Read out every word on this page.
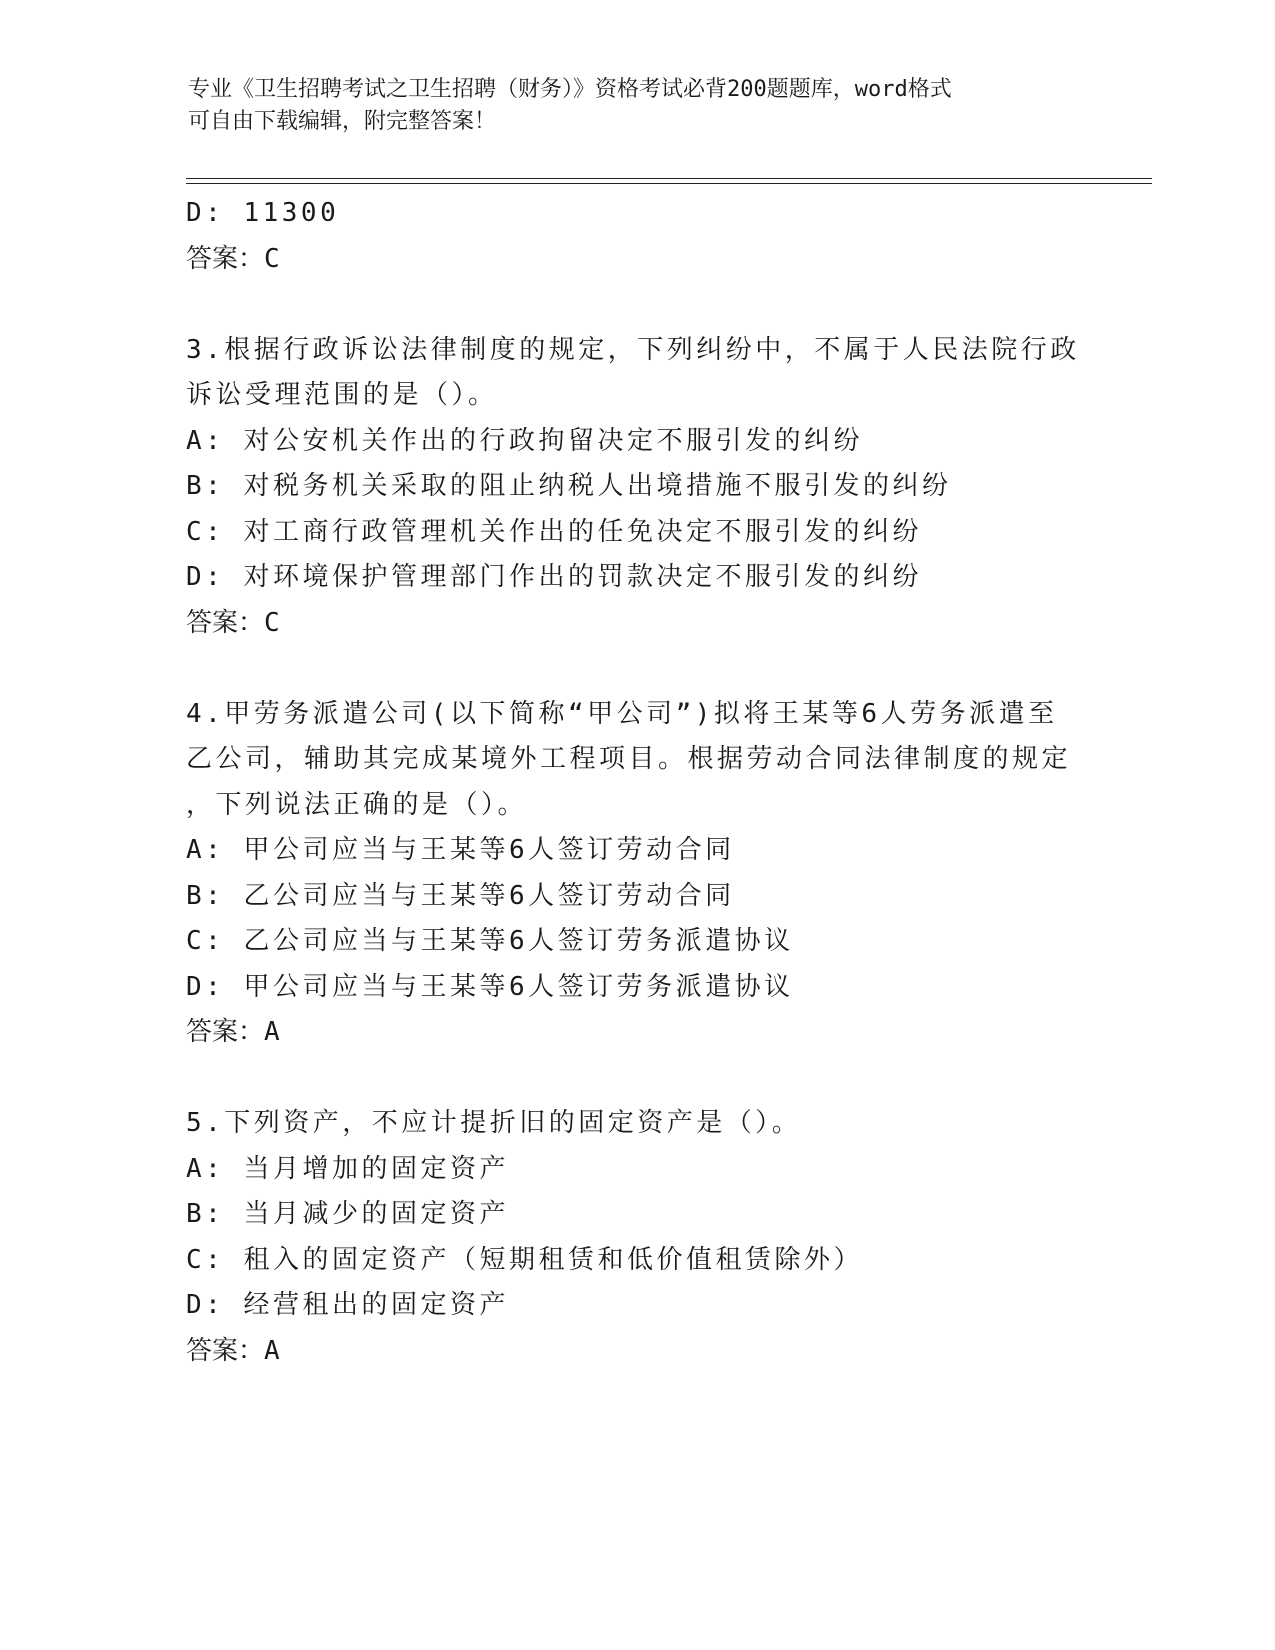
专业《卫生招聘考试之卫生招聘（财务）》资格考试必背200题题库，word格式
可自由下载编辑，附完整答案！
D: 11300
答案：C
3.根据行政诉讼法律制度的规定，下列纠纷中，不属于人民法院行政
诉讼受理范围的是（）。
A: 对公安机关作出的行政拘留决定不服引发的纠纷
B: 对税务机关采取的阻止纳税人出境措施不服引发的纠纷
C: 对工商行政管理机关作出的任免决定不服引发的纠纷
D: 对环境保护管理部门作出的罚款决定不服引发的纠纷
答案：C
4.甲劳务派遣公司(以下简称“甲公司”)拟将王某等6人劳务派遣至
乙公司，辅助其完成某境外工程项目。根据劳动合同法律制度的规定
，下列说法正确的是（）。
A: 甲公司应当与王某等6人签订劳动合同
B: 乙公司应当与王某等6人签订劳动合同
C: 乙公司应当与王某等6人签订劳务派遣协议
D: 甲公司应当与王某等6人签订劳务派遣协议
答案：A
5.下列资产，不应计提折旧的固定资产是（）。
A: 当月增加的固定资产
B: 当月减少的固定资产
C: 租入的固定资产（短期租赁和低价值租赁除外）
D: 经营租出的固定资产
答案：A
